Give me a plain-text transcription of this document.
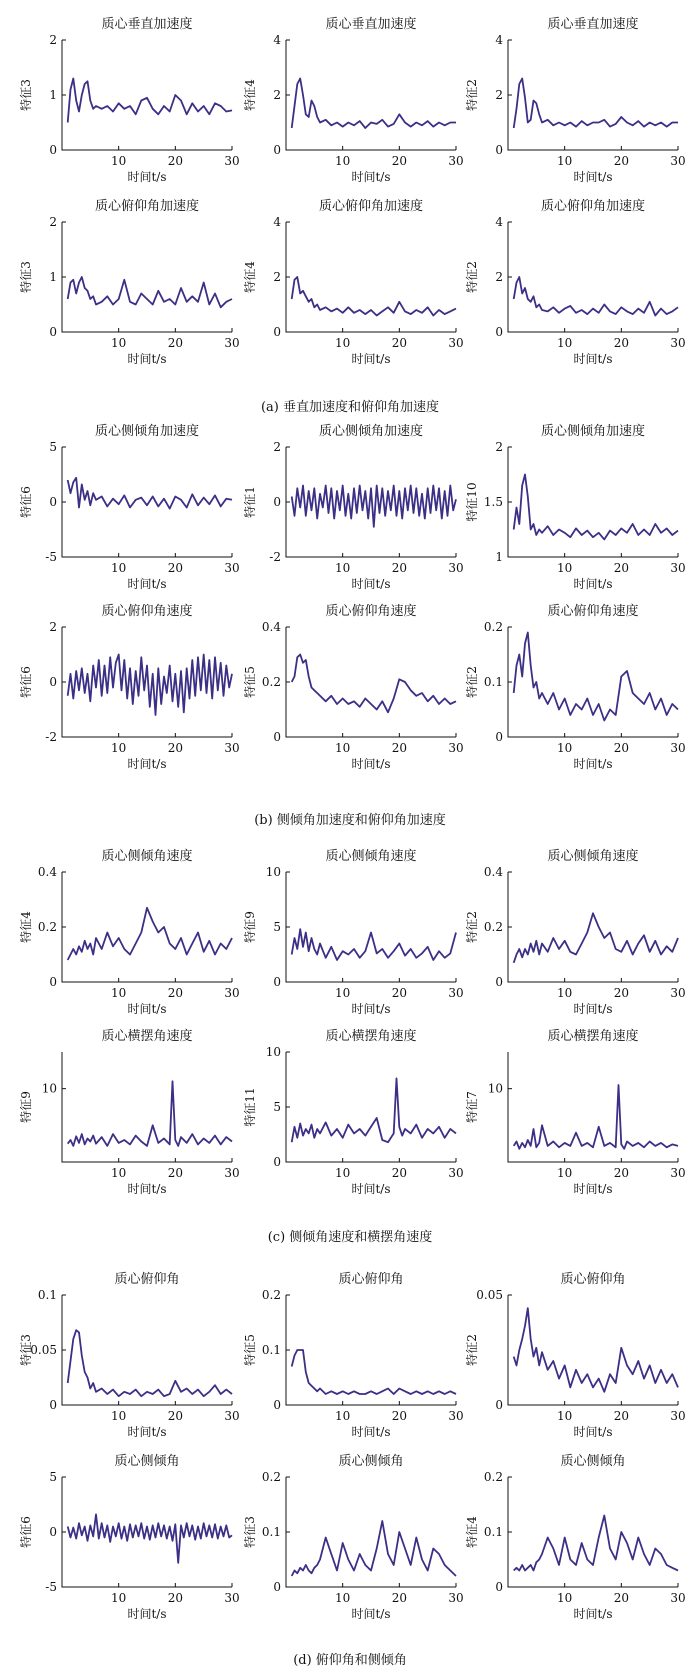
质心垂直加速度
10	20	30
0
1
2
特征3
时间t/s
质心垂直加速度
10	20	30
0
2
4
特征4
时间t/s
质心垂直加速度
10	20	30
0
2
4
特征2
时间t/s
质心俯仰角加速度
10	20	30
0
1
2
特征3
时间t/s
质心俯仰角加速度
10	20	30
0
2
4
特征4
时间t/s
质心俯仰角加速度
10	20	30
0
2
4
特征2
时间t/s
质心侧倾角加速度
10	20	30
-5
0
5
特征6
时间t/s
质心侧倾角加速度
10	20	30
-2
0
2
特征1
时间t/s
质心侧倾角加速度
10	20	30
1
1.5
2
特征10
时间t/s
质心俯仰角速度
10	20	30
-2
0
2
特征6
时间t/s
质心俯仰角速度
10	20	30
0
0.2
0.4
特征5
时间t/s
质心俯仰角速度
10	20	30
0
0.1
0.2
特征2
时间t/s
质心侧倾角速度
10	20	30
0
0.2
0.4
特征4
时间t/s
质心侧倾角速度
10	20	30
0
5
10
特征9
时间t/s
质心侧倾角速度
10	20	30
0
0.2
0.4
特征2
时间t/s
质心横摆角速度
10	20	30
10
特征9
时间t/s
质心横摆角速度
10	20	30
0
5
10
特征11
时间t/s
质心横摆角速度
10	20	30
10
特征7
时间t/s
质心俯仰角
10	20	30
0
0.05
0.1
特征3
时间t/s
质心俯仰角
10	20	30
0
0.1
0.2
特征5
时间t/s
质心俯仰角
10	20	30
0
0.05
特征2
时间t/s
质心侧倾角
10	20	30
-5
0
5
特征6
时间t/s
质心侧倾角
10	20	30
0
0.1
0.2
特征3
时间t/s
质心侧倾角
10	20	30
0
0.1
0.2
特征4
时间t/s
(a) 垂直加速度和俯仰角加速度
(b) 侧倾角加速度和俯仰角加速度
(c) 侧倾角速度和横摆角速度
(d) 俯仰角和侧倾角
